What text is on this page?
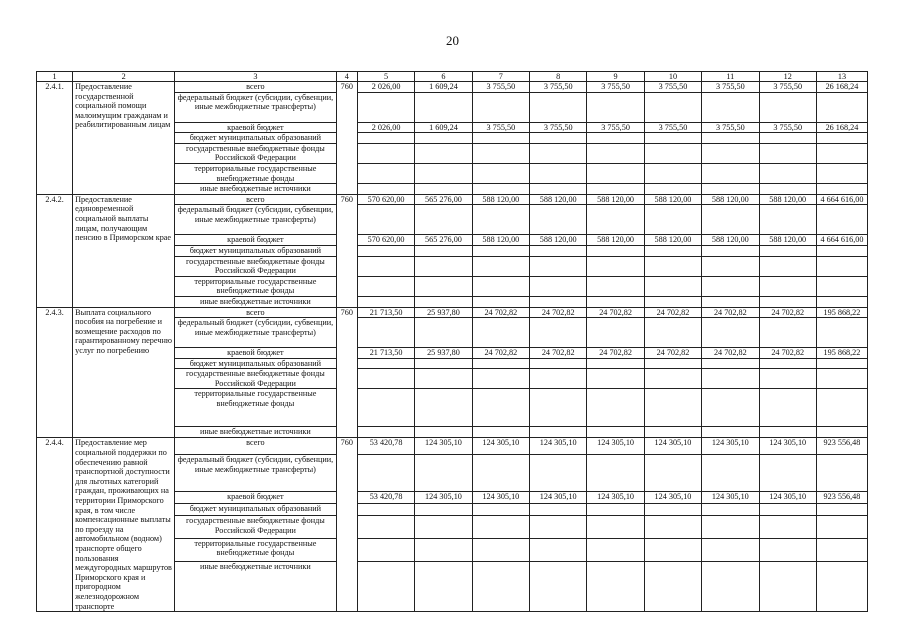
20
1	2	3	4	5	6	7	8	9	10	11	12	13
2.4.1.	Предоставление государственной социальной помощи малоимущим гражданам и реабилитированным лицам	всего	760	2 026,00	1 609,24	3 755,50	3 755,50	3 755,50	3 755,50	3 755,50	3 755,50	26 168,24
		федеральный бюджет (субсидии, субвенции, иные межбюджетные трансферты)										
		краевой бюджет		2 026,00	1 609,24	3 755,50	3 755,50	3 755,50	3 755,50	3 755,50	3 755,50	26 168,24
		бюджет муниципальных образований										
		государственные внебюджетные фонды Российской Федерации										
		территориальные государственные внебюджетные фонды										
		иные внебюджетные источники										
2.4.2.	Предоставление единовременной социальной выплаты лицам, получающим пенсию в Приморском крае	всего	760	570 620,00	565 276,00	588 120,00	588 120,00	588 120,00	588 120,00	588 120,00	588 120,00	4 664 616,00
		федеральный бюджет (субсидии, субвенции, иные межбюджетные трансферты)										
		краевой бюджет		570 620,00	565 276,00	588 120,00	588 120,00	588 120,00	588 120,00	588 120,00	588 120,00	4 664 616,00
		бюджет муниципальных образований										
		государственные внебюджетные фонды Российской Федерации										
		территориальные государственные внебюджетные фонды										
		иные внебюджетные источники										
2.4.3.	Выплата социального пособия на погребение и возмещение расходов по гарантированному перечню услуг по погребению	всего	760	21 713,50	25 937,80	24 702,82	24 702,82	24 702,82	24 702,82	24 702,82	24 702,82	195 868,22
		федеральный бюджет (субсидии, субвенции, иные межбюджетные трансферты)										
		краевой бюджет		21 713,50	25 937,80	24 702,82	24 702,82	24 702,82	24 702,82	24 702,82	24 702,82	195 868,22
		бюджет муниципальных образований										
		государственные внебюджетные фонды Российской Федерации										
		территориальные государственные внебюджетные фонды										
		иные внебюджетные источники										
2.4.4.	Предоставление мер социальной поддержки по обеспечению равной транспортной доступности для льготных категорий граждан, проживающих на территории Приморского края, в том числе компенсационные выплаты по проезду на автомобильном (водном) транспорте общего пользования междугородных маршрутов Приморского края и пригородном железнодорожном транспорте	всего	760	53 420,78	124 305,10	124 305,10	124 305,10	124 305,10	124 305,10	124 305,10	124 305,10	923 556,48
		федеральный бюджет (субсидии, субвенции, иные межбюджетные трансферты)										
		краевой бюджет		53 420,78	124 305,10	124 305,10	124 305,10	124 305,10	124 305,10	124 305,10	124 305,10	923 556,48
		бюджет муниципальных образований										
		государственные внебюджетные фонды Российской Федерации										
		территориальные государственные внебюджетные фонды										
		иные внебюджетные источники										
